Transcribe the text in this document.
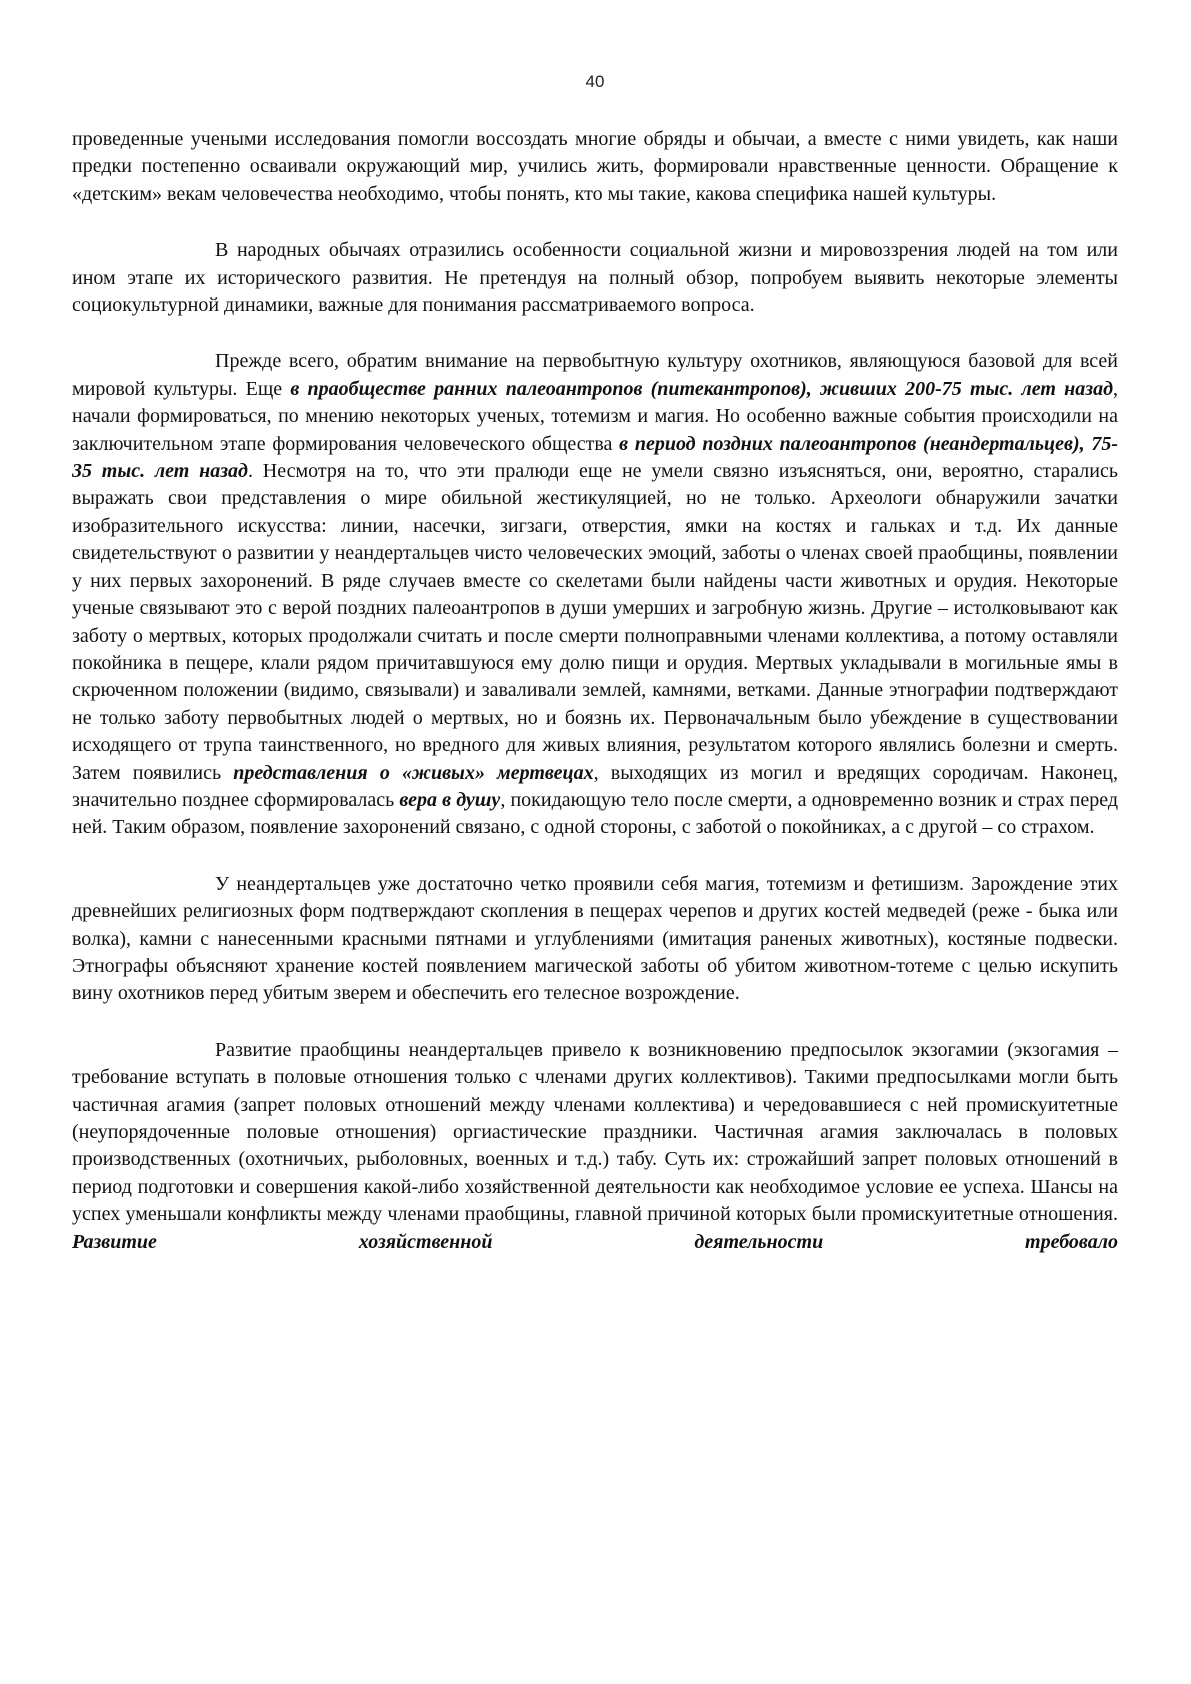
40

проведенные учеными исследования помогли воссоздать многие обряды и обычаи, а вместе с ними увидеть, как наши предки постепенно осваивали окружающий мир, учились жить, формировали нравственные ценности. Обращение к «детским» векам человечества необходимо, чтобы понять, кто мы такие, какова специфика нашей культуры.

В народных обычаях отразились особенности социальной жизни и мировоззрения людей на том или ином этапе их исторического развития. Не претендуя на полный обзор, попробуем выявить некоторые элементы социокультурной динамики, важные для понимания рассматриваемого вопроса.

Прежде всего, обратим внимание на первобытную культуру охотников, являющуюся базовой для всей мировой культуры. Еще в праобществе ранних палеоантропов (питекантропов), живших 200-75 тыс. лет назад, начали формироваться, по мнению некоторых ученых, тотемизм и магия. Но особенно важные события происходили на заключительном этапе формирования человеческого общества в период поздних палеоантропов (неандертальцев), 75-35 тыс. лет назад. Несмотря на то, что эти пралюди еще не умели связно изъясняться, они, вероятно, старались выражать свои представления о мире обильной жестикуляцией, но не только. Археологи обнаружили зачатки изобразительного искусства: линии, насечки, зигзаги, отверстия, ямки на костях и гальках и т.д. Их данные свидетельствуют о развитии у неандертальцев чисто человеческих эмоций, заботы о членах своей праобщины, появлении у них первых захоронений. В ряде случаев вместе со скелетами были найдены части животных и орудия. Некоторые ученые связывают это с верой поздних палеоантропов в души умерших и загробную жизнь. Другие – истолковывают как заботу о мертвых, которых продолжали считать и после смерти полноправными членами коллектива, а потому оставляли покойника в пещере, клали рядом причитавшуюся ему долю пищи и орудия. Мертвых укладывали в могильные ямы в скрюченном положении (видимо, связывали) и заваливали землей, камнями, ветками. Данные этнографии подтверждают не только заботу первобытных людей о мертвых, но и боязнь их. Первоначальным было убеждение в существовании исходящего от трупа таинственного, но вредного для живых влияния, результатом которого являлись болезни и смерть. Затем появились представления о «живых» мертвецах, выходящих из могил и вредящих сородичам. Наконец, значительно позднее сформировалась вера в душу, покидающую тело после смерти, а одновременно возник и страх перед ней. Таким образом, появление захоронений связано, с одной стороны, с заботой о покойниках, а с другой – со страхом.

У неандертальцев уже достаточно четко проявили себя магия, тотемизм и фетишизм. Зарождение этих древнейших религиозных форм подтверждают скопления в пещерах черепов и других костей медведей (реже - быка или волка), камни с нанесенными красными пятнами и углублениями (имитация раненых животных), костяные подвески. Этнографы объясняют хранение костей появлением магической заботы об убитом животном-тотеме с целью искупить вину охотников перед убитым зверем и обеспечить его телесное возрождение.

Развитие праобщины неандертальцев привело к возникновению предпосылок экзогамии (экзогамия – требование вступать в половые отношения только с членами других коллективов). Такими предпосылками могли быть частичная агамия (запрет половых отношений между членами коллектива) и чередовавшиеся с ней промискуитетные (неупорядоченные половые отношения) оргиастические праздники. Частичная агамия заключалась в половых производственных (охотничьих, рыболовных, военных и т.д.) табу. Суть их: строжайший запрет половых отношений в период подготовки и совершения какой-либо хозяйственной деятельности как необходимое условие ее успеха. Шансы на успех уменьшали конфликты между членами праобщины, главной причиной которых были промискуитетные отношения. Развитие хозяйственной деятельности требовало
